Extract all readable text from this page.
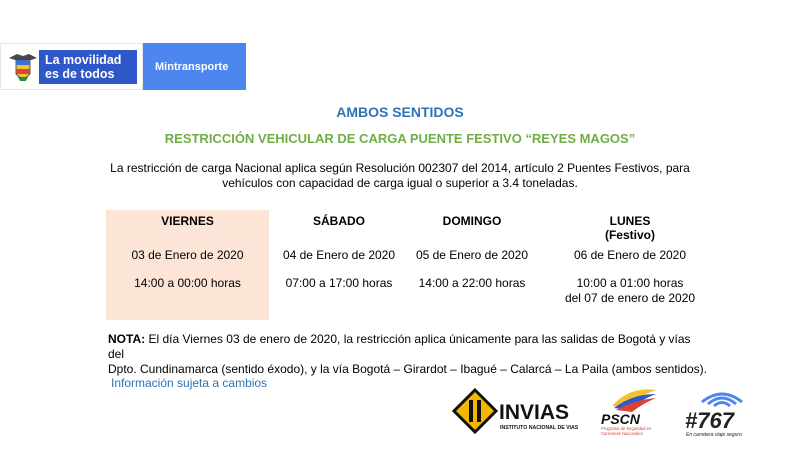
La movilidad
es de todos	Mintransporte
AMBOS SENTIDOS
RESTRICCIÓN VEHICULAR DE CARGA PUENTE FESTIVO “REYES MAGOS”
La restricción de carga Nacional aplica según Resolución 002307 del 2014, artículo 2 Puentes Festivos, para
vehículos con capacidad de carga igual o superior a 3.4 toneladas.
VIERNES
03 de Enero de 2020
14:00 a 00:00 horas
SÁBADO
04 de Enero de 2020
07:00 a 17:00 horas
DOMINGO
05 de Enero de 2020
14:00 a 22:00 horas
LUNES
(Festivo)
06 de Enero de 2020
10:00 a 01:00 horas
del 07 de enero de 2020
NOTA: El día Viernes 03 de enero de 2020, la restricción aplica únicamente para las salidas de Bogotá y vías del
Dpto. Cundinamarca (sentido éxodo), y la vía Bogotá – Girardot – Ibagué – Calarcá – La Paila (ambos sentidos).
Información sujeta a cambios
INVIAS
INSTITUTO NACIONAL DE VIAS
PSCN
Programa de Seguridad en
Carreteras Nacionales
#767
En carretera viaje seguro
